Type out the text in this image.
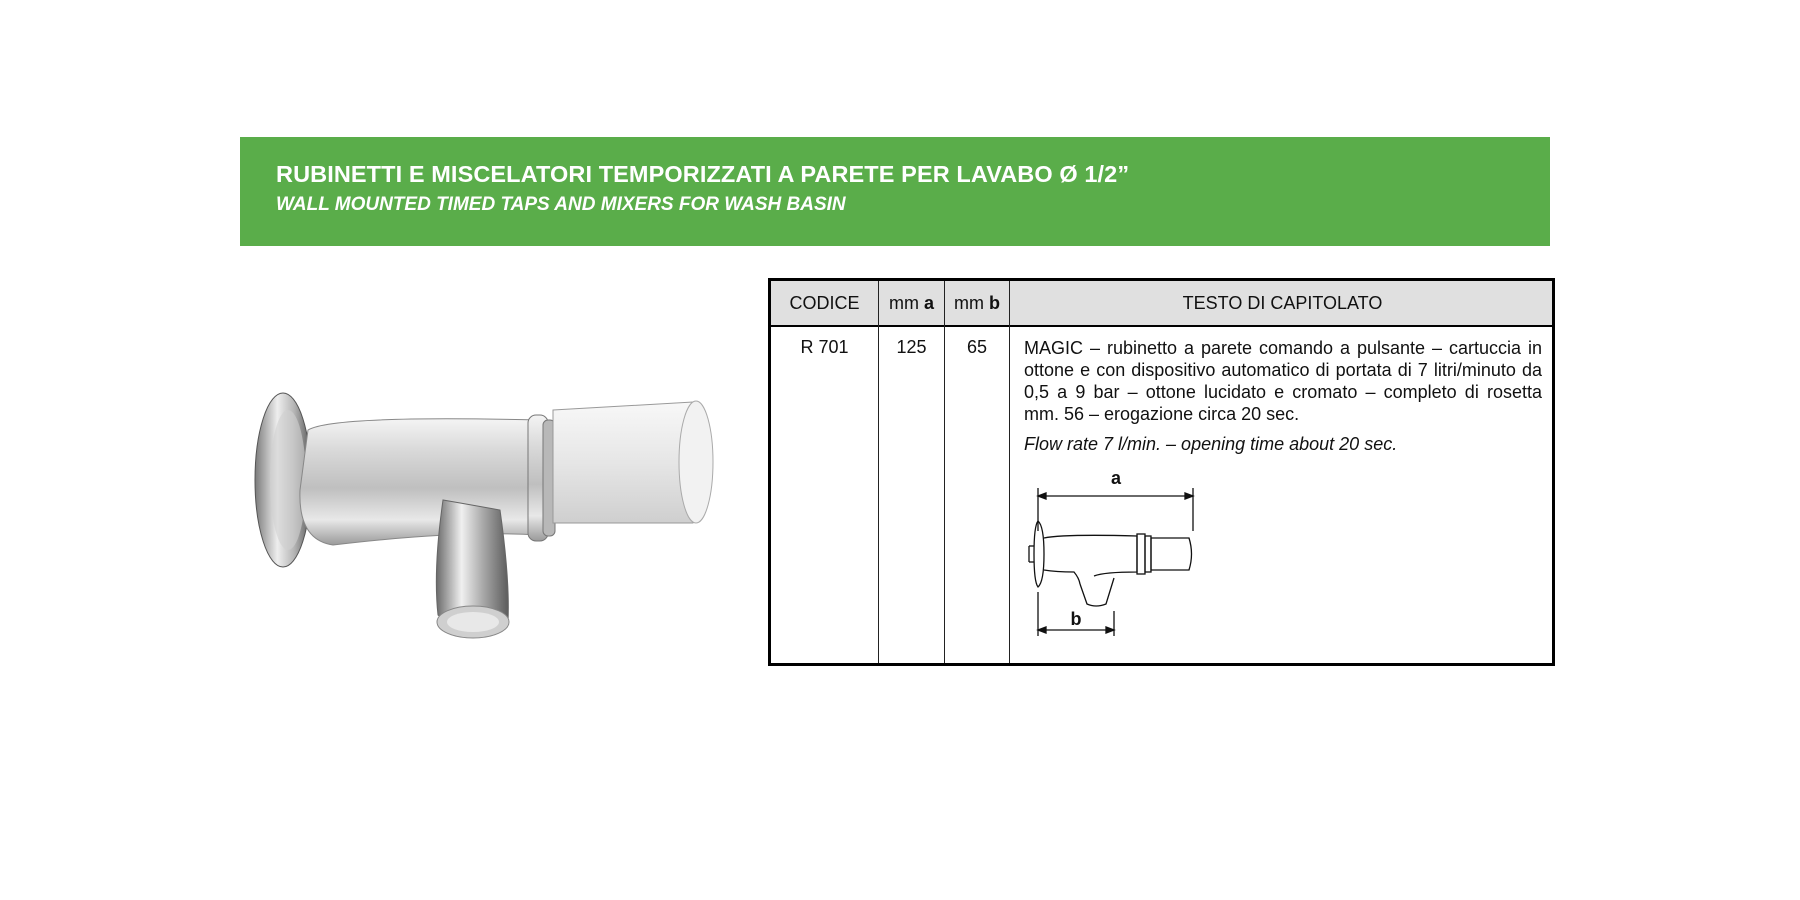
RUBINETTI E MISCELATORI TEMPORIZZATI A PARETE PER LAVABO Ø 1/2”
WALL MOUNTED TIMED TAPS AND MIXERS FOR WASH BASIN
CODICE	mm a	mm b	TESTO DI CAPITOLATO
R 701	125	65	MAGIC – rubinetto a parete comando a pulsante – cartuccia in ottone e con dispositivo automatico di portata di 7 litri/minuto da 0,5 a 9 bar – ottone lucidato e cromato – completo di rosetta mm. 56 – erogazione circa 20 sec.
Flow rate 7 l/min. – opening time about 20 sec.
a
b
